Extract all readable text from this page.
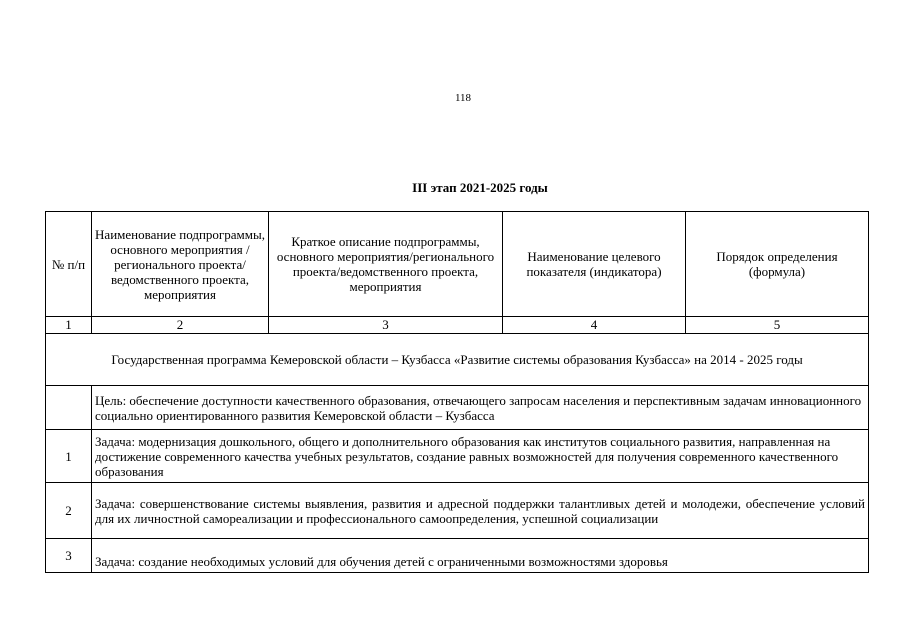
118
III этап 2021-2025 годы
№ п/п	Наименование подпрограммы, основного мероприятия / регионального проекта/ведомственного проекта, мероприятия	Краткое описание подпрограммы, основного мероприятия/регионального проекта/ведомственного проекта, мероприятия	Наименование целевого показателя (индикатора)	Порядок определения (формула)
1	2	3	4	5
Государственная программа Кемеровской области – Кузбасса «Развитие системы образования Кузбасса» на 2014 - 2025 годы				
	Цель: обеспечение доступности качественного образования, отвечающего запросам населения и перспективным задачам инновационного социально ориентированного развития Кемеровской области – Кузбасса			
1	Задача: модернизация дошкольного, общего и дополнительного образования как институтов социального развития, направленная на достижение современного качества учебных результатов, создание равных возможностей для получения современного качественного образования			
2	Задача: совершенствование системы выявления, развития и адресной поддержки талантливых детей и молодежи, обеспечение условий для их личностной самореализации и профессионального самоопределения, успешной социализации			
3	Задача: создание необходимых условий для обучения детей с ограниченными возможностями здоровья			
